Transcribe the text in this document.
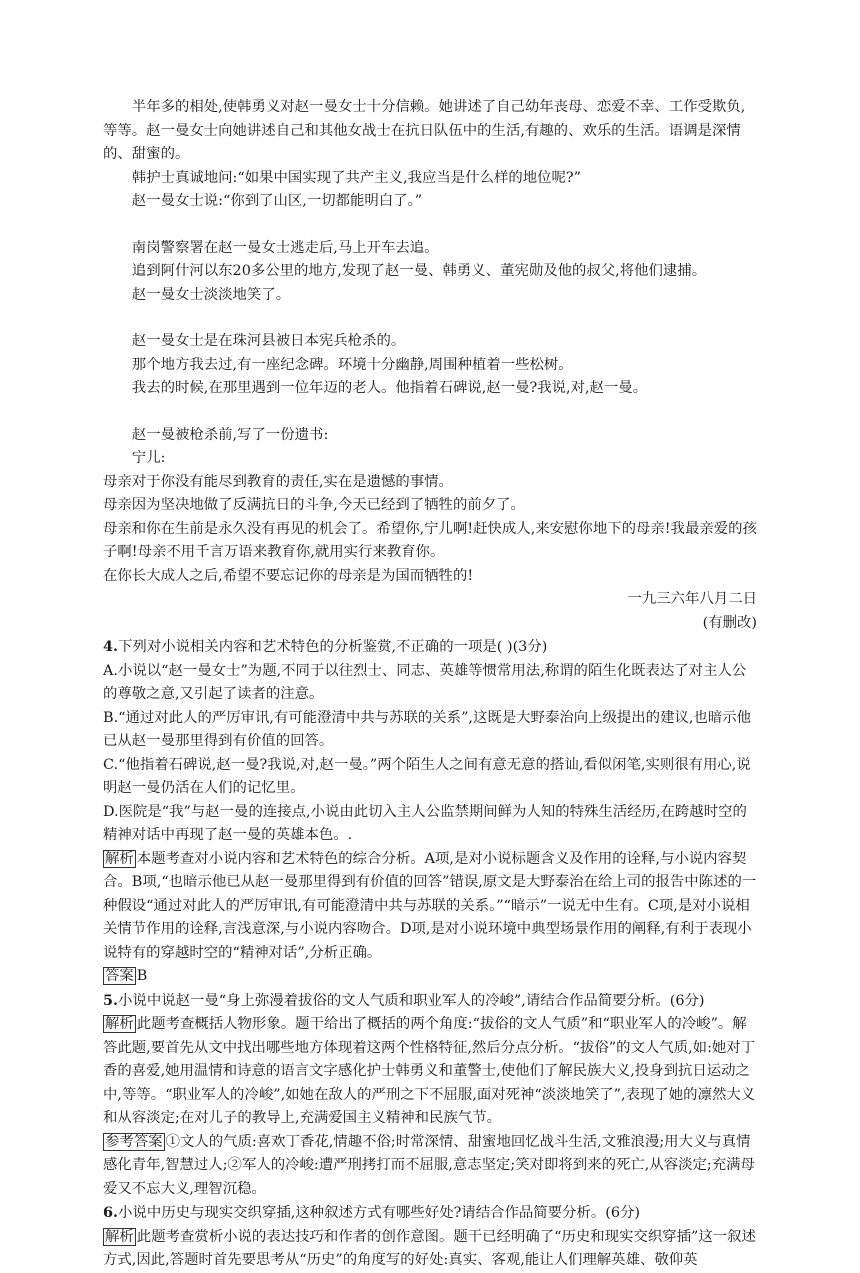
半年多的相处,使韩勇义对赵一曼女士十分信赖。她讲述了自己幼年丧母、恋爱不幸、工作受欺负,等等。赵一曼女士向她讲述自己和其他女战士在抗日队伍中的生活,有趣的、欢乐的生活。语调是深情的、甜蜜的。

韩护士真诚地问:“如果中国实现了共产主义,我应当是什么样的地位呢?”

赵一曼女士说:“你到了山区,一切都能明白了。”

南岗警察署在赵一曼女士逃走后,马上开车去追。

追到阿什河以东20多公里的地方,发现了赵一曼、韩勇义、董宪勋及他的叔父,将他们逮捕。

赵一曼女士淡淡地笑了。

赵一曼女士是在珠河县被日本宪兵枪杀的。

那个地方我去过,有一座纪念碑。环境十分幽静,周围种植着一些松树。

我去的时候,在那里遇到一位年迈的老人。他指着石碑说,赵一曼?我说,对,赵一曼。

赵一曼被枪杀前,写了一份遗书:

宁儿:

母亲对于你没有能尽到教育的责任,实在是遗憾的事情。

母亲因为坚决地做了反满抗日的斗争,今天已经到了牺牲的前夕了。

母亲和你在生前是永久没有再见的机会了。希望你,宁儿啊!赶快成人,来安慰你地下的母亲!我最亲爱的孩子啊!母亲不用千言万语来教育你,就用实行来教育你。

在你长大成人之后,希望不要忘记你的母亲是为国而牺牲的!

一九三六年八月二日

(有删改)

4.下列对小说相关内容和艺术特色的分析鉴赏,不正确的一项是( )(3分)

A.小说以“赵一曼女士”为题,不同于以往烈士、同志、英雄等惯常用法,称谓的陌生化既表达了对主人公的尊敬之意,又引起了读者的注意。

B.“通过对此人的严厉审讯,有可能澄清中共与苏联的关系”,这既是大野泰治向上级提出的建议,也暗示他已从赵一曼那里得到有价值的回答。

C.“他指着石碑说,赵一曼?我说,对,赵一曼。”两个陌生人之间有意无意的搭讪,看似闲笔,实则很有用心,说明赵一曼仍活在人们的记忆里。

D.医院是“我”与赵一曼的连接点,小说由此切入主人公监禁期间鲜为人知的特殊生活经历,在跨越时空的精神对话中再现了赵一曼的英雄本色。.

解析 本题考查对小说内容和艺术特色的综合分析。A项,是对小说标题含义及作用的诠释,与小说内容契合。B项,“也暗示他已从赵一曼那里得到有价值的回答”错误,原文是大野泰治在给上司的报告中陈述的一种假设“通过对此人的严厉审讯,有可能澄清中共与苏联的关系。”“暗示”一说无中生有。C项,是对小说相关情节作用的诠释,言浅意深,与小说内容吻合。D项,是对小说环境中典型场景作用的阐释,有利于表现小说特有的穿越时空的“精神对话”,分析正确。

答案 B

5.小说中说赵一曼“身上弥漫着拔俗的文人气质和职业军人的冷峻”,请结合作品简要分析。(6分)

解析 此题考查概括人物形象。题干给出了概括的两个角度:“拔俗的文人气质”和“职业军人的冷峻”。解答此题,要首先从文中找出哪些地方体现着这两个性格特征,然后分点分析。“拔俗”的文人气质,如:她对丁香的喜爱,她用温情和诗意的语言文字感化护士韩勇义和董警士,使他们了解民族大义,投身到抗日运动之中,等等。“职业军人的冷峻”,如她在敌人的严刑之下不屈服,面对死神“淡淡地笑了”,表现了她的凛然大义和从容淡定;在对儿子的教导上,充满爱国主义精神和民族气节。

参考答案 ①文人的气质:喜欢丁香花,情趣不俗;时常深情、甜蜜地回忆战斗生活,文雅浪漫;用大义与真情感化青年,智慧过人;②军人的冷峻:遭严刑拷打而不屈服,意志坚定;笑对即将到来的死亡,从容淡定;充满母爱又不忘大义,理智沉稳。

6.小说中历史与现实交织穿插,这种叙述方式有哪些好处?请结合作品简要分析。(6分)

解析 此题考查赏析小说的表达技巧和作者的创作意图。题干已经明确了“历史和现实交织穿插”这一叙述方式,因此,答题时首先要思考从“历史”的角度写的好处:真实、客观,能让人们理解英雄、敬仰英
